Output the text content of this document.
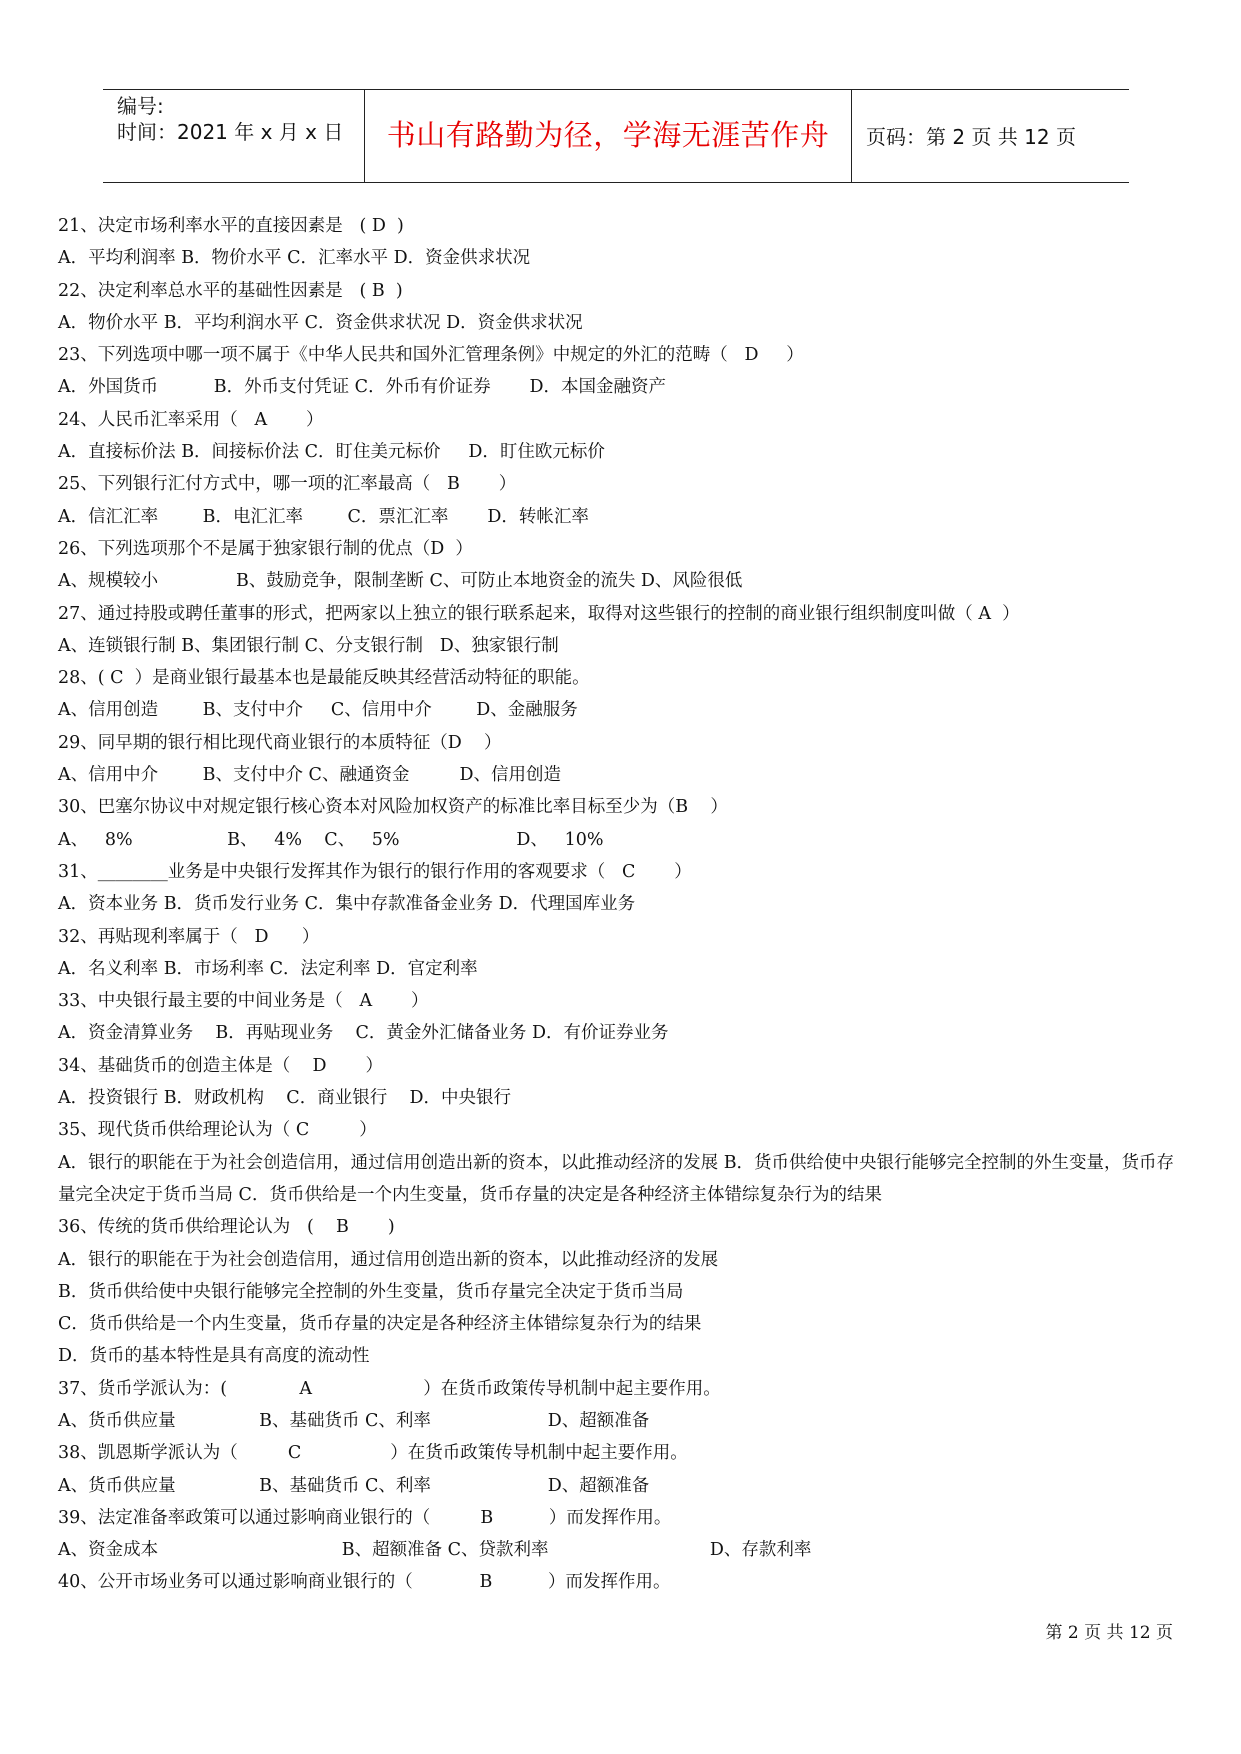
编号:
时间：2021 年 x 月 x 日	书山有路勤为径，学海无涯苦作舟	页码：第 2 页 共 12 页
21、决定市场利率水平的直接因素是   ( D  )
A．平均利润率 B．物价水平 C．汇率水平 D．资金供求状况
22、决定利率总水平的基础性因素是   ( B  )
A．物价水平 B．平均利润水平 C．资金供求状况 D．资金供求状况
23、下列选项中哪一项不属于《中华人民共和国外汇管理条例》中规定的外汇的范畴（   D     ）
A．外国货币          B．外币支付凭证 C．外币有价证券       D．本国金融资产
24、人民币汇率采用（   A       ）
A．直接标价法 B．间接标价法 C．盯住美元标价     D．盯住欧元标价
25、下列银行汇付方式中，哪一项的汇率最高（   B       ）
A．信汇汇率        B．电汇汇率        C．票汇汇率       D．转帐汇率
26、下列选项那个不是属于独家银行制的优点（D  ）
A、规模较小              B、鼓励竞争，限制垄断 C、可防止本地资金的流失 D、风险很低
27、通过持股或聘任董事的形式，把两家以上独立的银行联系起来，取得对这些银行的控制的商业银行组织制度叫做（ A  ）
A、连锁银行制 B、集团银行制 C、分支银行制   D、独家银行制
28、( C  ）是商业银行最基本也是最能反映其经营活动特征的职能。
A、信用创造        B、支付中介     C、信用中介        D、金融服务
29、同早期的银行相比现代商业银行的本质特征（D    ）
A、信用中介        B、支付中介 C、融通资金         D、信用创造
30、巴塞尔协议中对规定银行核心资本对风险加权资产的标准比率目标至少为（B    ）
A、   8%                 B、   4%    C、   5%                     D、   10%
31、________业务是中央银行发挥其作为银行的银行作用的客观要求（   C       ）
A．资本业务 B．货币发行业务 C．集中存款准备金业务 D．代理国库业务
32、再贴现利率属于（   D      ）
A．名义利率 B．市场利率 C．法定利率 D．官定利率
33、中央银行最主要的中间业务是（   A       ）
A．资金清算业务    B．再贴现业务    C．黄金外汇储备业务 D．有价证券业务
34、基础货币的创造主体是（    D       ）
A．投资银行 B．财政机构    C．商业银行    D．中央银行
35、现代货币供给理论认为（ C         ）
A．银行的职能在于为社会创造信用，通过信用创造出新的资本，以此推动经济的发展 B．货币供给使中央银行能够完全控制的外生变量，货币存量完全决定于货币当局 C．货币供给是一个内生变量，货币存量的决定是各种经济主体错综复杂行为的结果
36、传统的货币供给理论认为   (    B       )
A．银行的职能在于为社会创造信用，通过信用创造出新的资本，以此推动经济的发展
B．货币供给使中央银行能够完全控制的外生变量，货币存量完全决定于货币当局
C．货币供给是一个内生变量，货币存量的决定是各种经济主体错综复杂行为的结果
D．货币的基本特性是具有高度的流动性
37、货币学派认为：(             A                    ）在货币政策传导机制中起主要作用。
A、货币供应量               B、基础货币 C、利率                     D、超额准备
38、凯恩斯学派认为（         C                ）在货币政策传导机制中起主要作用。
A、货币供应量               B、基础货币 C、利率                     D、超额准备
39、法定准备率政策可以通过影响商业银行的（         B          ）而发挥作用。
A、资金成本                                 B、超额准备 C、贷款利率                             D、存款利率
40、公开市场业务可以通过影响商业银行的（            B          ）而发挥作用。
第 2 页 共 12 页
